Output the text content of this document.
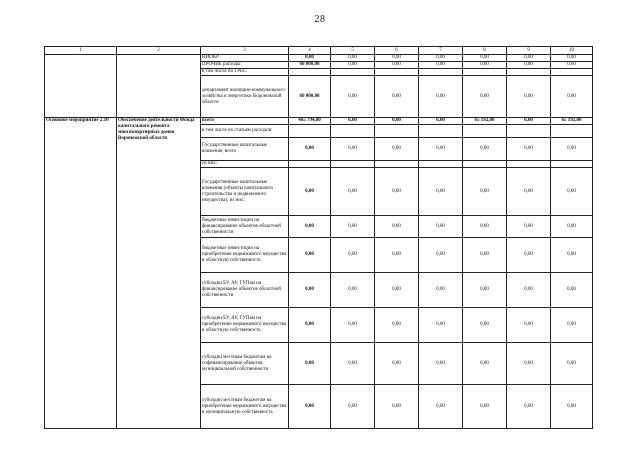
28
1	2	3	4	5	6	7	8	9	10
		НИОКР	0,00	0,00	0,00	0,00	0,00	0,00	0,00
		ПРОЧИЕ расходы	60 000,00	0,00	0,00	0,00	0,00	0,00	0,00
		в том числе по ГРБС:							
		департамент жилищно-коммунального хозяйства и энергетики Воронежской области	60 000,00	0,00	0,00	0,00	0,00	0,00	0,00
Основное мероприятие 2.10	Обеспечение деятельности Фонда капитального ремонта многоквартирных домов Воронежской области	всего	465 794,80	0,00	0,00	0,00	65 192,00	0,00	65 192,00
		в том числе по статьям расходов:							
		Государственные капитальные вложения, всего	0,00	0,00	0,00	0,00	0,00	0,00	0,00
		из них:							
		Государственные капитальные вложения (объекты капитального строительства и недвижимого имущества), из них:	0,00	0,00	0,00	0,00	0,00	0,00	0,00
		бюджетные инвестиции на финансирование объектов областной собственности	0,00	0,00	0,00	0,00	0,00	0,00	0,00
		бюджетные инвестиции на приобретение недвижимого имущества в областную собственность	0,00	0,00	0,00	0,00	0,00	0,00	0,00
		субсидии БУ, АУ, ГУПам на финансирование объектов областной собственности	0,00	0,00	0,00	0,00	0,00	0,00	0,00
		субсидии БУ, АУ, ГУПам на приобретение недвижимого имущества в областную собственность	0,00	0,00	0,00	0,00	0,00	0,00	0,00
		субсидии местным бюджетам на софинансирование объектов муниципальной собственности	0,00	0,00	0,00	0,00	0,00	0,00	0,00
		субсидии местным бюджетам на приобретение недвижимого имущества в муниципальную собственность	0,00	0,00	0,00	0,00	0,00	0,00	0,00
